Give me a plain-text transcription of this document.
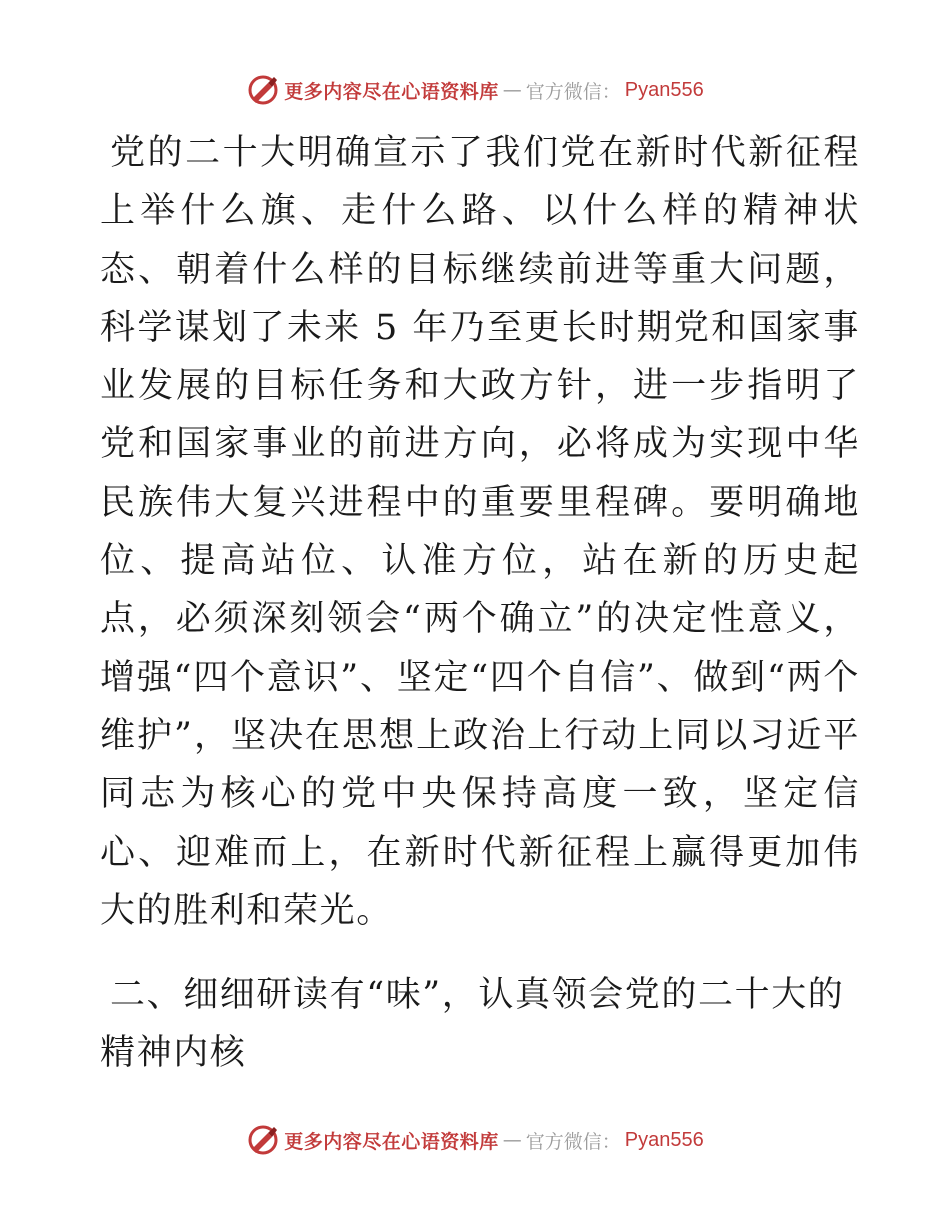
更多内容尽在心语资料库 — 官方微信： Pyan556

党的二十大明确宣示了我们党在新时代新征程上举什么旗、走什么路、以什么样的精神状态、朝着什么样的目标继续前进等重大问题，科学谋划了未来 5 年乃至更长时期党和国家事业发展的目标任务和大政方针，进一步指明了党和国家事业的前进方向，必将成为实现中华民族伟大复兴进程中的重要里程碑。要明确地位、提高站位、认准方位，站在新的历史起点，必须深刻领会“两个确立”的决定性意义，增强“四个意识”、坚定“四个自信”、做到“两个维护”，坚决在思想上政治上行动上同以习近平同志为核心的党中央保持高度一致，坚定信心、迎难而上，在新时代新征程上赢得更加伟大的胜利和荣光。

二、细细研读有“味”，认真领会党的二十大的精神内核

更多内容尽在心语资料库 — 官方微信： Pyan556
